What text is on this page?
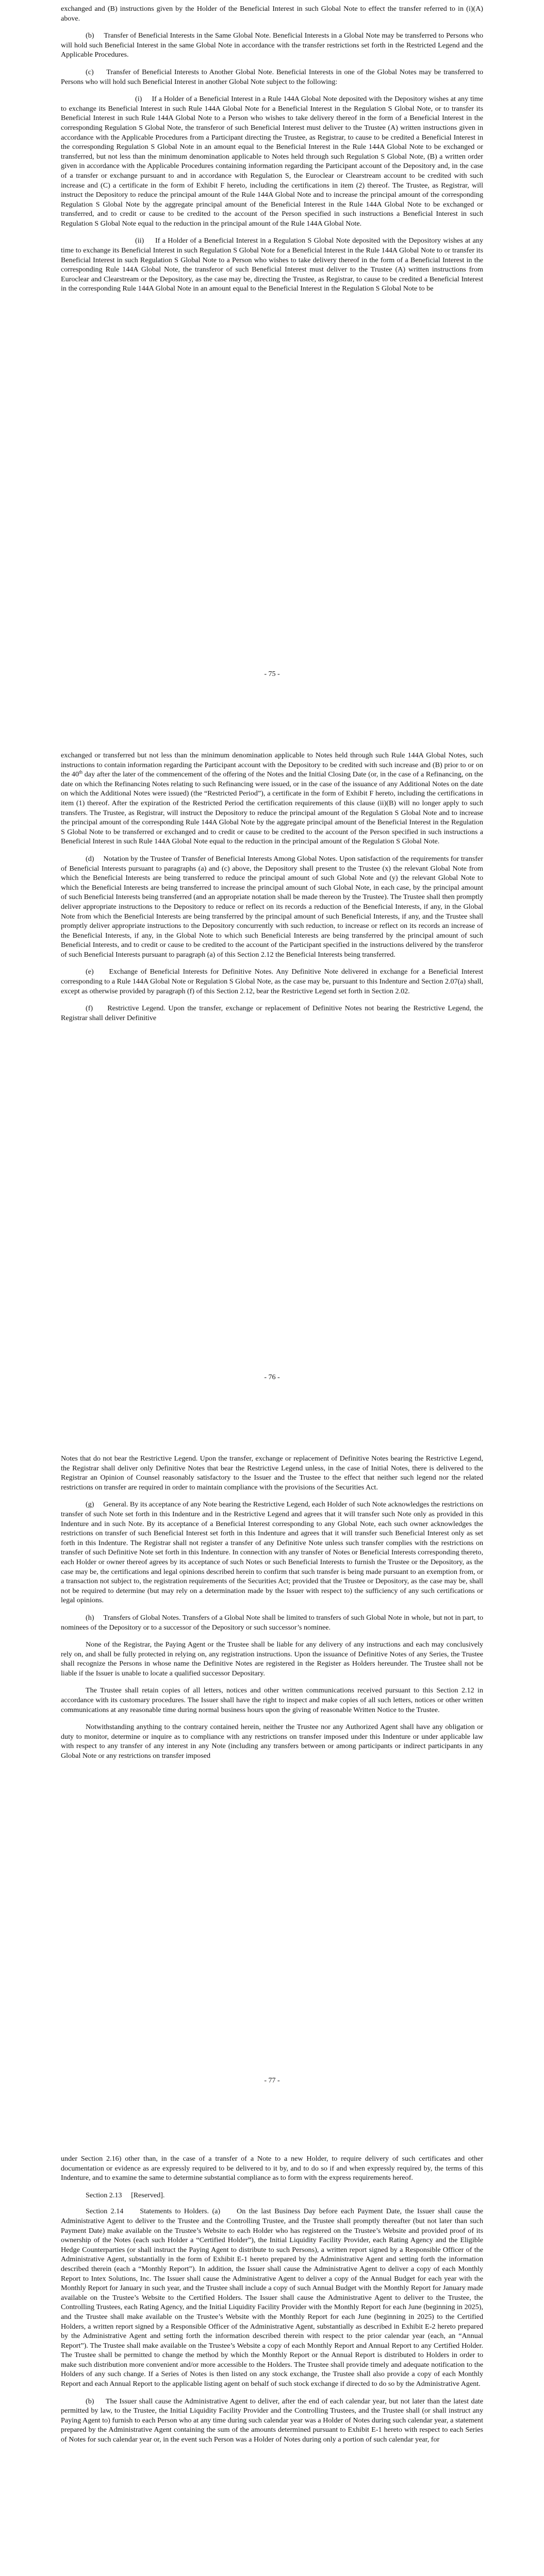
exchanged and (B) instructions given by the Holder of the Beneficial Interest in such Global Note to effect the transfer referred to in (i)(A) above.

(b)     Transfer of Beneficial Interests in the Same Global Note. Beneficial Interests in a Global Note may be transferred to Persons who will hold such Beneficial Interest in the same Global Note in accordance with the transfer restrictions set forth in the Restricted Legend and the Applicable Procedures.

(c)     Transfer of Beneficial Interests to Another Global Note. Beneficial Interests in one of the Global Notes may be transferred to Persons who will hold such Beneficial Interest in another Global Note subject to the following:

(i)     If a Holder of a Beneficial Interest in a Rule 144A Global Note deposited with the Depository wishes at any time to exchange its Beneficial Interest in such Rule 144A Global Note for a Beneficial Interest in the Regulation S Global Note, or to transfer its Beneficial Interest in such Rule 144A Global Note to a Person who wishes to take delivery thereof in the form of a Beneficial Interest in the corresponding Regulation S Global Note, the transferor of such Beneficial Interest must deliver to the Trustee (A) written instructions given in accordance with the Applicable Procedures from a Participant directing the Trustee, as Registrar, to cause to be credited a Beneficial Interest in the corresponding Regulation S Global Note in an amount equal to the Beneficial Interest in the Rule 144A Global Note to be exchanged or transferred, but not less than the minimum denomination applicable to Notes held through such Regulation S Global Note, (B) a written order given in accordance with the Applicable Procedures containing information regarding the Participant account of the Depository and, in the case of a transfer or exchange pursuant to and in accordance with Regulation S, the Euroclear or Clearstream account to be credited with such increase and (C) a certificate in the form of Exhibit F hereto, including the certifications in item (2) thereof. The Trustee, as Registrar, will instruct the Depository to reduce the principal amount of the Rule 144A Global Note and to increase the principal amount of the corresponding Regulation S Global Note by the aggregate principal amount of the Beneficial Interest in the Rule 144A Global Note to be exchanged or transferred, and to credit or cause to be credited to the account of the Person specified in such instructions a Beneficial Interest in such Regulation S Global Note equal to the reduction in the principal amount of the Rule 144A Global Note.

(ii)     If a Holder of a Beneficial Interest in a Regulation S Global Note deposited with the Depository wishes at any time to exchange its Beneficial Interest in such Regulation S Global Note for a Beneficial Interest in the Rule 144A Global Note to or transfer its Beneficial Interest in such Regulation S Global Note to a Person who wishes to take delivery thereof in the form of a Beneficial Interest in the corresponding Rule 144A Global Note, the transferor of such Beneficial Interest must deliver to the Trustee (A) written instructions from Euroclear and Clearstream or the Depository, as the case may be, directing the Trustee, as Registrar, to cause to be credited a Beneficial Interest in the corresponding Rule 144A Global Note in an amount equal to the Beneficial Interest in the Regulation S Global Note to be

- 75 -

exchanged or transferred but not less than the minimum denomination applicable to Notes held through such Rule 144A Global Notes, such instructions to contain information regarding the Participant account with the Depository to be credited with such increase and (B) prior to or on the 40th day after the later of the commencement of the offering of the Notes and the Initial Closing Date (or, in the case of a Refinancing, on the date on which the Refinancing Notes relating to such Refinancing were issued, or in the case of the issuance of any Additional Notes on the date on which the Additional Notes were issued) (the “Restricted Period”), a certificate in the form of Exhibit F hereto, including the certifications in item (1) thereof. After the expiration of the Restricted Period the certification requirements of this clause (ii)(B) will no longer apply to such transfers. The Trustee, as Registrar, will instruct the Depository to reduce the principal amount of the Regulation S Global Note and to increase the principal amount of the corresponding Rule 144A Global Note by the aggregate principal amount of the Beneficial Interest in the Regulation S Global Note to be transferred or exchanged and to credit or cause to be credited to the account of the Person specified in such instructions a Beneficial Interest in such Rule 144A Global Note equal to the reduction in the principal amount of the Regulation S Global Note.

(d)     Notation by the Trustee of Transfer of Beneficial Interests Among Global Notes. Upon satisfaction of the requirements for transfer of Beneficial Interests pursuant to paragraphs (a) and (c) above, the Depository shall present to the Trustee (x) the relevant Global Note from which the Beneficial Interests are being transferred to reduce the principal amount of such Global Note and (y) the relevant Global Note to which the Beneficial Interests are being transferred to increase the principal amount of such Global Note, in each case, by the principal amount of such Beneficial Interests being transferred (and an appropriate notation shall be made thereon by the Trustee). The Trustee shall then promptly deliver appropriate instructions to the Depository to reduce or reflect on its records a reduction of the Beneficial Interests, if any, in the Global Note from which the Beneficial Interests are being transferred by the principal amount of such Beneficial Interests, if any, and the Trustee shall promptly deliver appropriate instructions to the Depository concurrently with such reduction, to increase or reflect on its records an increase of the Beneficial Interests, if any, in the Global Note to which such Beneficial Interests are being transferred by the principal amount of such Beneficial Interests, and to credit or cause to be credited to the account of the Participant specified in the instructions delivered by the transferor of such Beneficial Interests pursuant to paragraph (a) of this Section 2.12 the Beneficial Interests being transferred.

(e)     Exchange of Beneficial Interests for Definitive Notes. Any Definitive Note delivered in exchange for a Beneficial Interest corresponding to a Rule 144A Global Note or Regulation S Global Note, as the case may be, pursuant to this Indenture and Section 2.07(a) shall, except as otherwise provided by paragraph (f) of this Section 2.12, bear the Restrictive Legend set forth in Section 2.02.

(f)     Restrictive Legend. Upon the transfer, exchange or replacement of Definitive Notes not bearing the Restrictive Legend, the Registrar shall deliver Definitive

- 76 -

Notes that do not bear the Restrictive Legend. Upon the transfer, exchange or replacement of Definitive Notes bearing the Restrictive Legend, the Registrar shall deliver only Definitive Notes that bear the Restrictive Legend unless, in the case of Initial Notes, there is delivered to the Registrar an Opinion of Counsel reasonably satisfactory to the Issuer and the Trustee to the effect that neither such legend nor the related restrictions on transfer are required in order to maintain compliance with the provisions of the Securities Act.

(g)     General. By its acceptance of any Note bearing the Restrictive Legend, each Holder of such Note acknowledges the restrictions on transfer of such Note set forth in this Indenture and in the Restrictive Legend and agrees that it will transfer such Note only as provided in this Indenture and in such Note. By its acceptance of a Beneficial Interest corresponding to any Global Note, each such owner acknowledges the restrictions on transfer of such Beneficial Interest set forth in this Indenture and agrees that it will transfer such Beneficial Interest only as set forth in this Indenture. The Registrar shall not register a transfer of any Definitive Note unless such transfer complies with the restrictions on transfer of such Definitive Note set forth in this Indenture. In connection with any transfer of Notes or Beneficial Interests corresponding thereto, each Holder or owner thereof agrees by its acceptance of such Notes or such Beneficial Interests to furnish the Trustee or the Depository, as the case may be, the certifications and legal opinions described herein to confirm that such transfer is being made pursuant to an exemption from, or a transaction not subject to, the registration requirements of the Securities Act; provided that the Trustee or Depository, as the case may be, shall not be required to determine (but may rely on a determination made by the Issuer with respect to) the sufficiency of any such certifications or legal opinions.

(h)     Transfers of Global Notes. Transfers of a Global Note shall be limited to transfers of such Global Note in whole, but not in part, to nominees of the Depository or to a successor of the Depository or such successor’s nominee.

None of the Registrar, the Paying Agent or the Trustee shall be liable for any delivery of any instructions and each may conclusively rely on, and shall be fully protected in relying on, any registration instructions. Upon the issuance of Definitive Notes of any Series, the Trustee shall recognize the Persons in whose name the Definitive Notes are registered in the Register as Holders hereunder. The Trustee shall not be liable if the Issuer is unable to locate a qualified successor Depositary.

The Trustee shall retain copies of all letters, notices and other written communications received pursuant to this Section 2.12 in accordance with its customary procedures. The Issuer shall have the right to inspect and make copies of all such letters, notices or other written communications at any reasonable time during normal business hours upon the giving of reasonable Written Notice to the Trustee.

Notwithstanding anything to the contrary contained herein, neither the Trustee nor any Authorized Agent shall have any obligation or duty to monitor, determine or inquire as to compliance with any restrictions on transfer imposed under this Indenture or under applicable law with respect to any transfer of any interest in any Note (including any transfers between or among participants or indirect participants in any Global Note or any restrictions on transfer imposed

- 77 -

under Section 2.16) other than, in the case of a transfer of a Note to a new Holder, to require delivery of such certificates and other documentation or evidence as are expressly required to be delivered to it by, and to do so if and when expressly required by, the terms of this Indenture, and to examine the same to determine substantial compliance as to form with the express requirements hereof.

Section 2.13     [Reserved].

Section 2.14     Statements to Holders. (a)     On the last Business Day before each Payment Date, the Issuer shall cause the Administrative Agent to deliver to the Trustee and the Controlling Trustee, and the Trustee shall promptly thereafter (but not later than such Payment Date) make available on the Trustee’s Website to each Holder who has registered on the Trustee’s Website and provided proof of its ownership of the Notes (each such Holder a “Certified Holder”), the Initial Liquidity Facility Provider, each Rating Agency and the Eligible Hedge Counterparties (or shall instruct the Paying Agent to distribute to such Persons), a written report signed by a Responsible Officer of the Administrative Agent, substantially in the form of Exhibit E-1 hereto prepared by the Administrative Agent and setting forth the information described therein (each a “Monthly Report”). In addition, the Issuer shall cause the Administrative Agent to deliver a copy of each Monthly Report to Intex Solutions, Inc. The Issuer shall cause the Administrative Agent to deliver a copy of the Annual Budget for each year with the Monthly Report for January in such year, and the Trustee shall include a copy of such Annual Budget with the Monthly Report for January made available on the Trustee’s Website to the Certified Holders. The Issuer shall cause the Administrative Agent to deliver to the Trustee, the Controlling Trustees, each Rating Agency, and the Initial Liquidity Facility Provider with the Monthly Report for each June (beginning in 2025), and the Trustee shall make available on the Trustee’s Website with the Monthly Report for each June (beginning in 2025) to the Certified Holders, a written report signed by a Responsible Officer of the Administrative Agent, substantially as described in Exhibit E-2 hereto prepared by the Administrative Agent and setting forth the information described therein with respect to the prior calendar year (each, an “Annual Report”). The Trustee shall make available on the Trustee’s Website a copy of each Monthly Report and Annual Report to any Certified Holder. The Trustee shall be permitted to change the method by which the Monthly Report or the Annual Report is distributed to Holders in order to make such distribution more convenient and/or more accessible to the Holders. The Trustee shall provide timely and adequate notification to the Holders of any such change. If a Series of Notes is then listed on any stock exchange, the Trustee shall also provide a copy of each Monthly Report and each Annual Report to the applicable listing agent on behalf of such stock exchange if directed to do so by the Administrative Agent.

(b)     The Issuer shall cause the Administrative Agent to deliver, after the end of each calendar year, but not later than the latest date permitted by law, to the Trustee, the Initial Liquidity Facility Provider and the Controlling Trustees, and the Trustee shall (or shall instruct any Paying Agent to) furnish to each Person who at any time during such calendar year was a Holder of Notes during such calendar year, a statement prepared by the Administrative Agent containing the sum of the amounts determined pursuant to Exhibit E-1 hereto with respect to each Series of Notes for such calendar year or, in the event such Person was a Holder of Notes during only a portion of such calendar year, for
